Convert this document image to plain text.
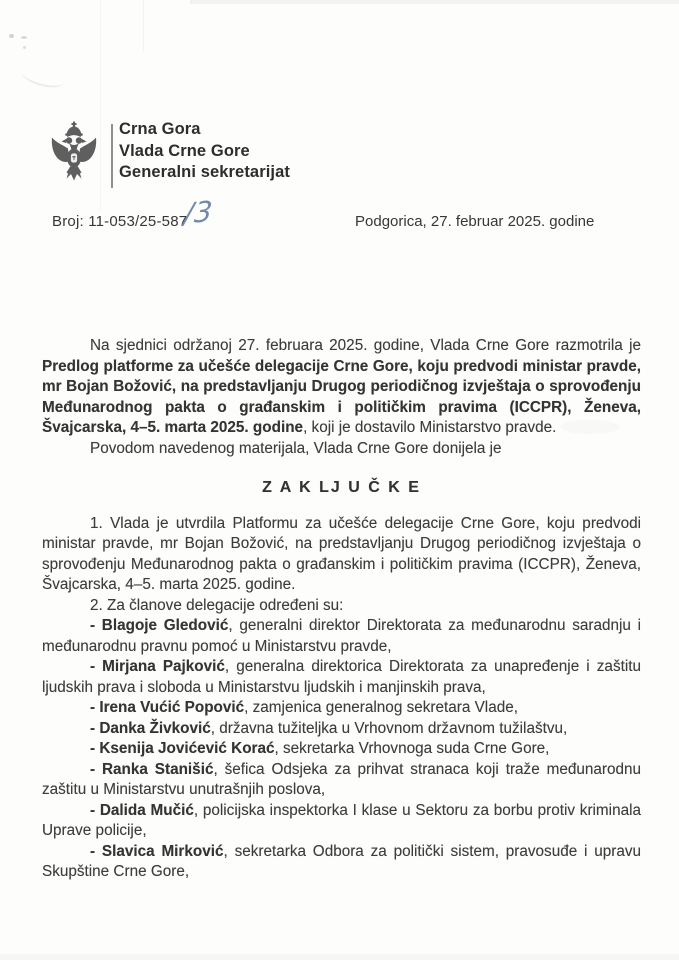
Crna Gora
Vlada Crne Gore
Generalni sekretarijat
Broj: 11-053/25-587
/3	Podgorica, 27. februar 2025. godine

Na sjednici održanoj 27. februara 2025. godine, Vlada Crne Gore razmotrila je Predlog platforme za učešće delegacije Crne Gore, koju predvodi ministar pravde, mr Bojan Božović, na predstavljanju Drugog periodičnog izvještaja o sprovođenju Međunarodnog pakta o građanskim i političkim pravima (ICCPR), Ženeva, Švajcarska, 4–5. marta 2025. godine, koji je dostavilo Ministarstvo pravde.

Povodom navedenog materijala, Vlada Crne Gore donijela je

Z A K LJ U Č K E

1. Vlada je utvrdila Platformu za učešće delegacije Crne Gore, koju predvodi ministar pravde, mr Bojan Božović, na predstavljanju Drugog periodičnog izvještaja o sprovođenju Međunarodnog pakta o građanskim i političkim pravima (ICCPR), Ženeva, Švajcarska, 4–5. marta 2025. godine.

2. Za članove delegacije određeni su:

- Blagoje Gledović, generalni direktor Direktorata za međunarodnu saradnju i međunarodnu pravnu pomoć u Ministarstvu pravde,

- Mirjana Pajković, generalna direktorica Direktorata za unapređenje i zaštitu ljudskih prava i sloboda u Ministarstvu ljudskih i manjinskih prava,

- Irena Vućić Popović, zamjenica generalnog sekretara Vlade,

- Danka Živković, državna tužiteljka u Vrhovnom državnom tužilaštvu,

- Ksenija Jovićević Korać, sekretarka Vrhovnoga suda Crne Gore,

- Ranka Stanišić, šefica Odsjeka za prihvat stranaca koji traže međunarodnu zaštitu u Ministarstvu unutrašnjih poslova,

- Dalida Mučić, policijska inspektorka I klase u Sektoru za borbu protiv kriminala Uprave policije,

- Slavica Mirković, sekretarka Odbora za politički sistem, pravosuđe i upravu Skupštine Crne Gore,
